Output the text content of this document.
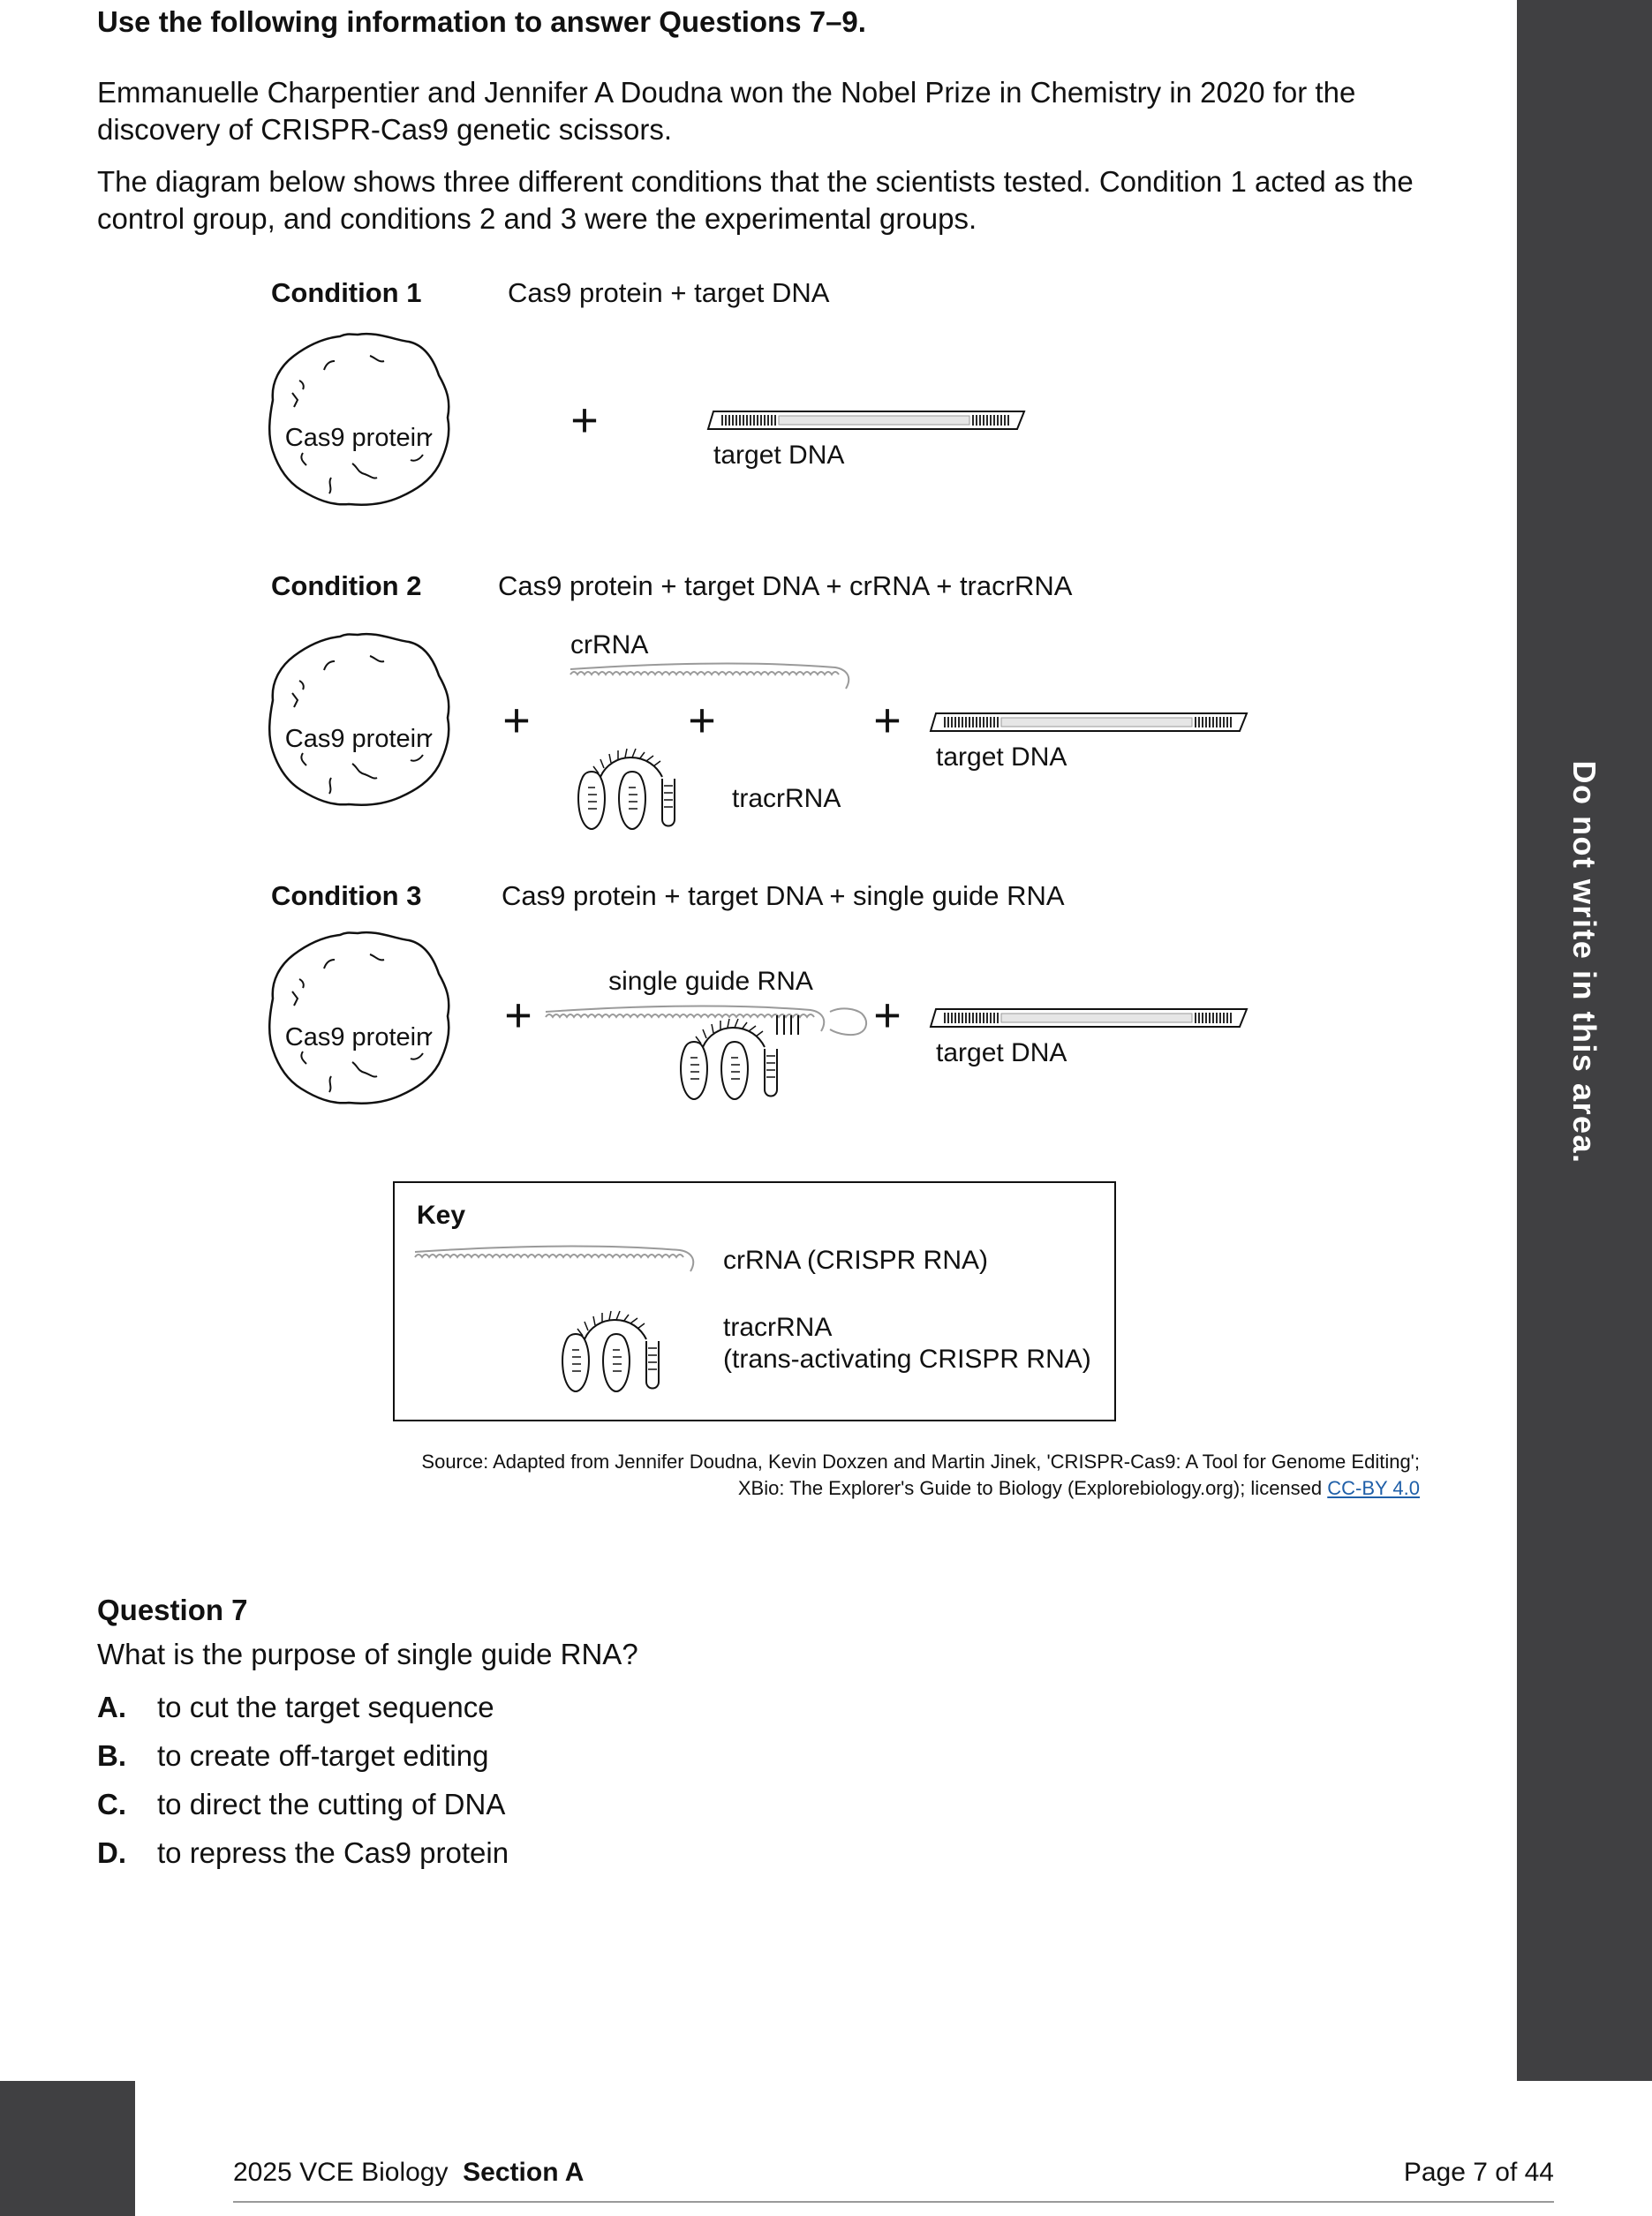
Use the following information to answer Questions 7–9.
Emmanuelle Charpentier and Jennifer A Doudna won the Nobel Prize in Chemistry in 2020 for the
discovery of CRISPR-Cas9 genetic scissors.
The diagram below shows three different conditions that the scientists tested. Condition 1 acted as the
control group, and conditions 2 and 3 were the experimental groups.
Condition 1	Cas9 protein + target DNA
Cas9 protein	+
target DNA
Condition 2	Cas9 protein + target DNA + crRNA + tracrRNA
Cas9 protein +
crRNA
+	+
tracrRNA
target DNA
Condition 3	Cas9 protein + target DNA + single guide RNA
Cas9 protein +
single guide RNA
+
target DNA
Key
crRNA (CRISPR RNA)
tracrRNA
(trans-activating CRISPR RNA)
Source: Adapted from Jennifer Doudna, Kevin Doxzen and Martin Jinek, 'CRISPR-Cas9: A Tool for Genome Editing';
XBio: The Explorer's Guide to Biology (Explorebiology.org); licensed CC-BY 4.0
Question 7
What is the purpose of single guide RNA?
A. to cut the target sequence
B. to create off-target editing
C. to direct the cutting of DNA
D. to repress the Cas9 protein
Do not write in this area.
2025 VCE Biology Section A	Page 7 of 44
